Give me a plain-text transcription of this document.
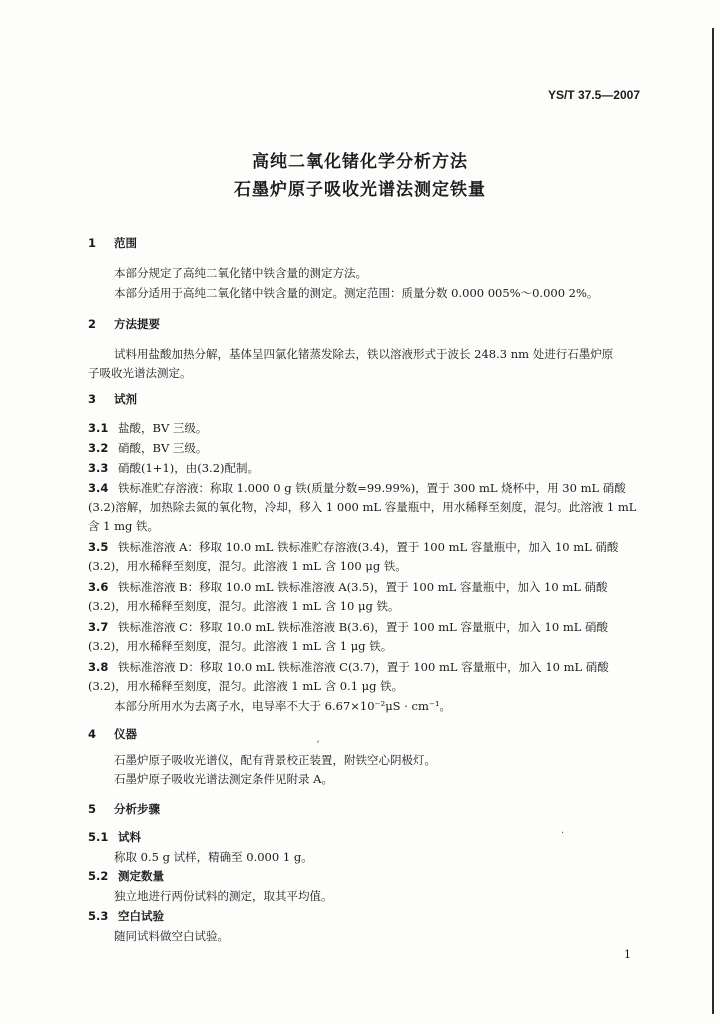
ʼ
·
YS/T 37.5—2007
高纯二氧化锗化学分析方法
石墨炉原子吸收光谱法测定铁量
1 范围
本部分规定了高纯二氧化锗中铁含量的测定方法。
本部分适用于高纯二氧化锗中铁含量的测定。测定范围：质量分数 0.000 005%～0.000 2%。
2 方法提要
试料用盐酸加热分解，基体呈四氯化锗蒸发除去，铁以溶液形式于波长 248.3 nm 处进行石墨炉原
子吸收光谱法测定。
3 试剂
3.1 盐酸，BV 三级。
3.2 硝酸，BV 三级。
3.3 硝酸(1+1)，由(3.2)配制。
3.4 铁标准贮存溶液：称取 1.000 0 g 铁(质量分数=99.99%)，置于 300 mL 烧杯中，用 30 mL 硝酸
(3.2)溶解，加热除去氮的氧化物，冷却，移入 1 000 mL 容量瓶中，用水稀释至刻度，混匀。此溶液 1 mL
含 1 mg 铁。
3.5 铁标准溶液 A：移取 10.0 mL 铁标准贮存溶液(3.4)，置于 100 mL 容量瓶中，加入 10 mL 硝酸
(3.2)，用水稀释至刻度，混匀。此溶液 1 mL 含 100 μg 铁。
3.6 铁标准溶液 B：移取 10.0 mL 铁标准溶液 A(3.5)，置于 100 mL 容量瓶中，加入 10 mL 硝酸
(3.2)，用水稀释至刻度，混匀。此溶液 1 mL 含 10 μg 铁。
3.7 铁标准溶液 C：移取 10.0 mL 铁标准溶液 B(3.6)，置于 100 mL 容量瓶中，加入 10 mL 硝酸
(3.2)，用水稀释至刻度，混匀。此溶液 1 mL 含 1 μg 铁。
3.8 铁标准溶液 D：移取 10.0 mL 铁标准溶液 C(3.7)，置于 100 mL 容量瓶中，加入 10 mL 硝酸
(3.2)，用水稀释至刻度，混匀。此溶液 1 mL 含 0.1 μg 铁。
本部分所用水为去离子水，电导率不大于 6.67×10⁻²μS · cm⁻¹。
4 仪器
石墨炉原子吸收光谱仪，配有背景校正装置，附铁空心阴极灯。
石墨炉原子吸收光谱法测定条件见附录 A。
5 分析步骤
5.1 试料
称取 0.5 g 试样，精确至 0.000 1 g。
5.2 测定数量
独立地进行两份试料的测定，取其平均值。
5.3 空白试验
随同试料做空白试验。
1
